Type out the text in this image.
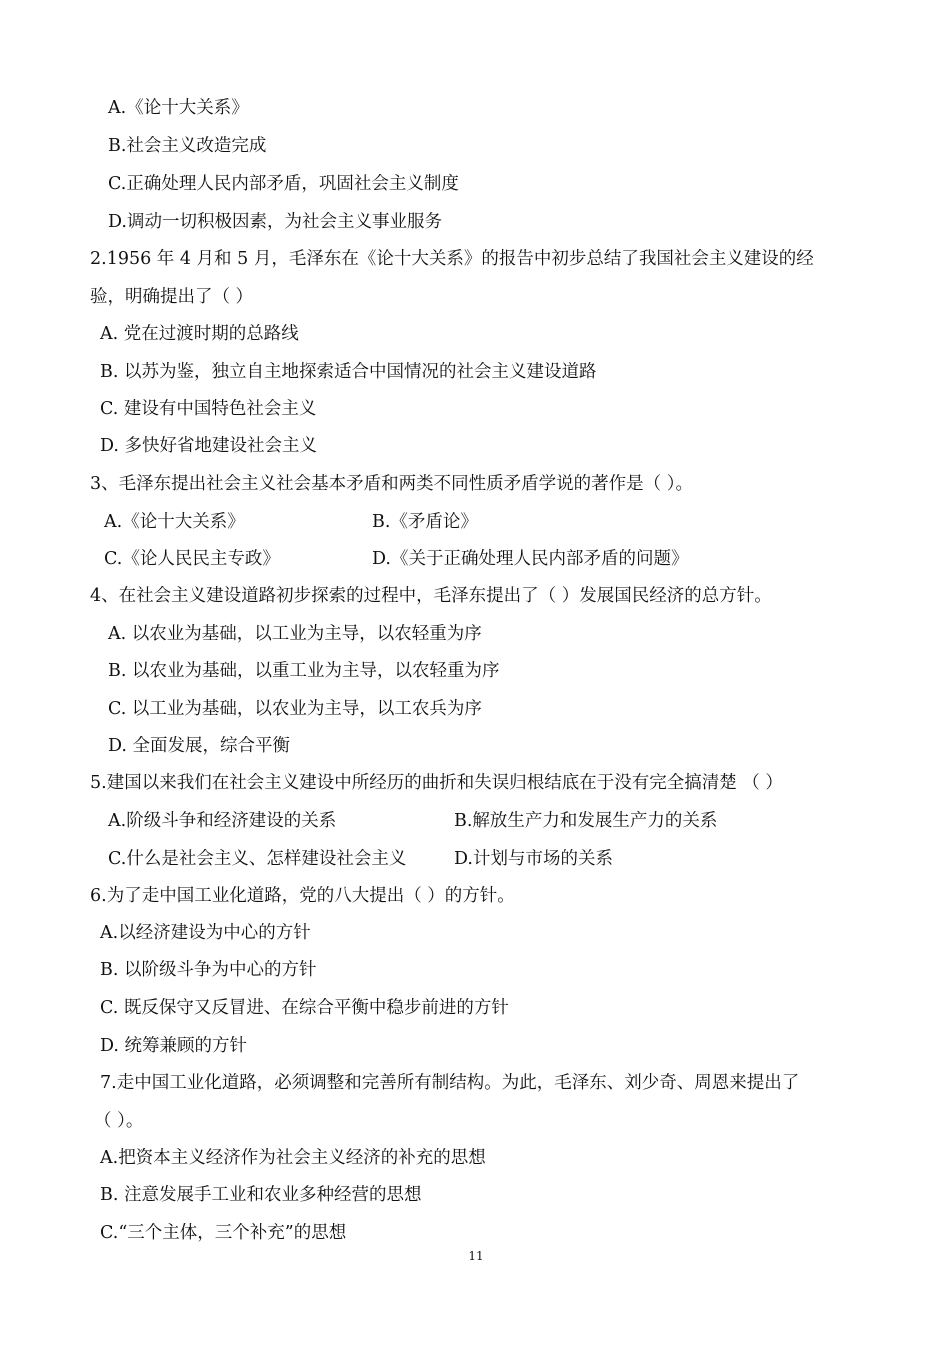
A.《论十大关系》
B.社会主义改造完成
C.正确处理人民内部矛盾，巩固社会主义制度
D.调动一切积极因素，为社会主义事业服务
2.1956 年 4 月和 5 月，毛泽东在《论十大关系》的报告中初步总结了我国社会主义建设的经
验，明确提出了（ ）
A. 党在过渡时期的总路线
B. 以苏为鉴，独立自主地探索适合中国情况的社会主义建设道路
C. 建设有中国特色社会主义
D. 多快好省地建设社会主义
3、毛泽东提出社会主义社会基本矛盾和两类不同性质矛盾学说的著作是（ ）。
A.《论十大关系》	B.《矛盾论》
C.《论人民民主专政》	D.《关于正确处理人民内部矛盾的问题》
4、在社会主义建设道路初步探索的过程中，毛泽东提出了（ ）发展国民经济的总方针。
A. 以农业为基础，以工业为主导，以农轻重为序
B. 以农业为基础，以重工业为主导，以农轻重为序
C. 以工业为基础，以农业为主导，以工农兵为序
D. 全面发展，综合平衡
5.建国以来我们在社会主义建设中所经历的曲折和失误归根结底在于没有完全搞清楚 （ ）
A.阶级斗争和经济建设的关系	B.解放生产力和发展生产力的关系
C.什么是社会主义、怎样建设社会主义	D.计划与市场的关系
6.为了走中国工业化道路，党的八大提出（ ）的方针。
A.以经济建设为中心的方针
B. 以阶级斗争为中心的方针
C. 既反保守又反冒进、在综合平衡中稳步前进的方针
D. 统筹兼顾的方针
7.走中国工业化道路，必须调整和完善所有制结构。为此，毛泽东、刘少奇、周恩来提出了
（ ）。
A.把资本主义经济作为社会主义经济的补充的思想
B. 注意发展手工业和农业多种经营的思想
C.“三个主体，三个补充”的思想
11
